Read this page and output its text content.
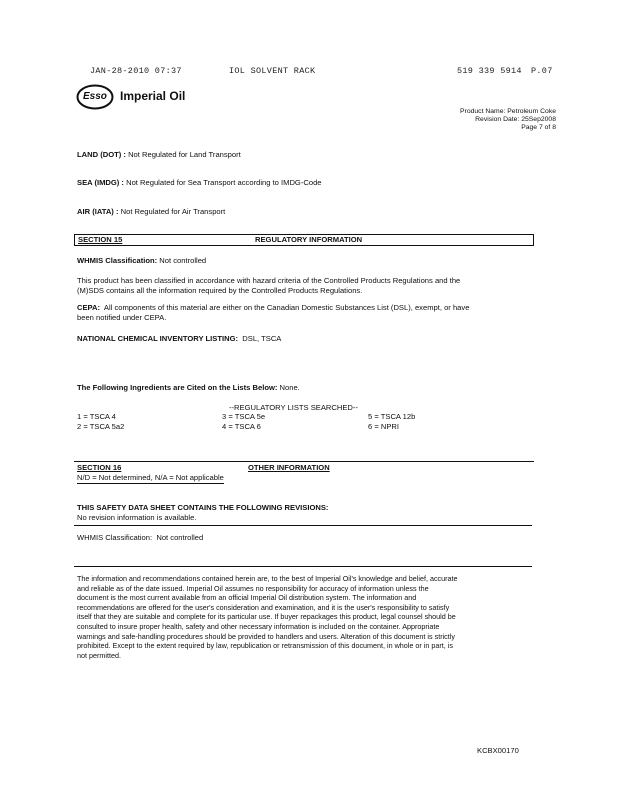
JAN-28-2010 07:37	IOL SOLVENT RACK	519 339 5914 P.07
Esso Imperial Oil
Product Name: Petroleum Coke
Revision Date: 25Sep2008
Page 7 of 8
LAND (DOT) : Not Regulated for Land Transport
SEA (IMDG) : Not Regulated for Sea Transport according to IMDG-Code
AIR (IATA) : Not Regulated for Air Transport
SECTION 15	REGULATORY INFORMATION
WHMIS Classification: Not controlled
This product has been classified in accordance with hazard criteria of the Controlled Products Regulations and the
(M)SDS contains all the information required by the Controlled Products Regulations.
CEPA: All components of this material are either on the Canadian Domestic Substances List (DSL), exempt, or have
been notified under CEPA.
NATIONAL CHEMICAL INVENTORY LISTING: DSL, TSCA
The Following Ingredients are Cited on the Lists Below: None.
--REGULATORY LISTS SEARCHED--
1 = TSCA 4	3 = TSCA 5e	5 = TSCA 12b
2 = TSCA 5a2	4 = TSCA 6	6 = NPRI
SECTION 16	OTHER INFORMATION
N/D = Not determined, N/A = Not applicable
THIS SAFETY DATA SHEET CONTAINS THE FOLLOWING REVISIONS:
No revision information is available.
WHMIS Classification: Not controlled
The information and recommendations contained herein are, to the best of Imperial Oil's knowledge and belief, accurate
and reliable as of the date issued. Imperial Oil assumes no responsibility for accuracy of information unless the
document is the most current available from an official Imperial Oil distribution system. The information and
recommendations are offered for the user's consideration and examination, and it is the user's responsibility to satisfy
itself that they are suitable and complete for its particular use. If buyer repackages this product, legal counsel should be
consulted to insure proper health, safety and other necessary information is included on the container. Appropriate
warnings and safe-handling procedures should be provided to handlers and users. Alteration of this document is strictly
prohibited. Except to the extent required by law, republication or retransmission of this document, in whole or in part, is
not permitted.
KCBX00170
